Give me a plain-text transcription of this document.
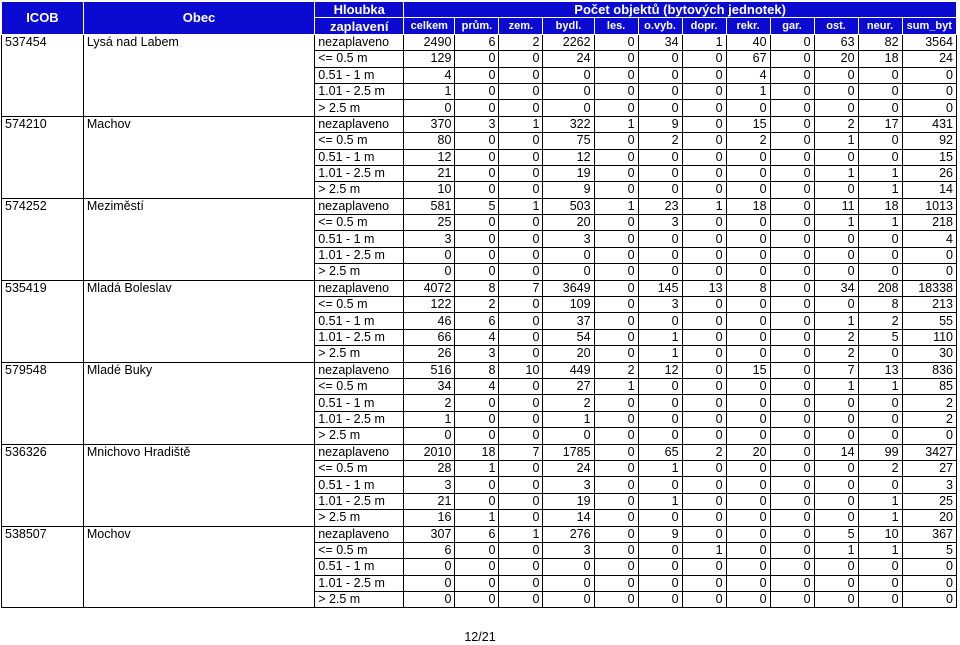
ICOB	Obec	Hloubka	Počet objektů (bytových jednotek)											
		zaplavení	celkem	prům.	zem.	bydl.	les.	o.vyb.	dopr.	rekr.	gar.	ost.	neur.	sum_byt
537454	Lysá nad Labem	nezaplaveno	2490	6	2	2262	0	34	1	40	0	63	82	3564
		<= 0.5 m	129	0	0	24	0	0	0	67	0	20	18	24
		0.51 - 1 m	4	0	0	0	0	0	0	4	0	0	0	0
		1.01 - 2.5 m	1	0	0	0	0	0	0	1	0	0	0	0
		> 2.5 m	0	0	0	0	0	0	0	0	0	0	0	0
574210	Machov	nezaplaveno	370	3	1	322	1	9	0	15	0	2	17	431
		<= 0.5 m	80	0	0	75	0	2	0	2	0	1	0	92
		0.51 - 1 m	12	0	0	12	0	0	0	0	0	0	0	15
		1.01 - 2.5 m	21	0	0	19	0	0	0	0	0	1	1	26
		> 2.5 m	10	0	0	9	0	0	0	0	0	0	1	14
574252	Meziměstí	nezaplaveno	581	5	1	503	1	23	1	18	0	11	18	1013
		<= 0.5 m	25	0	0	20	0	3	0	0	0	1	1	218
		0.51 - 1 m	3	0	0	3	0	0	0	0	0	0	0	4
		1.01 - 2.5 m	0	0	0	0	0	0	0	0	0	0	0	0
		> 2.5 m	0	0	0	0	0	0	0	0	0	0	0	0
535419	Mladá Boleslav	nezaplaveno	4072	8	7	3649	0	145	13	8	0	34	208	18338
		<= 0.5 m	122	2	0	109	0	3	0	0	0	0	8	213
		0.51 - 1 m	46	6	0	37	0	0	0	0	0	1	2	55
		1.01 - 2.5 m	66	4	0	54	0	1	0	0	0	2	5	110
		> 2.5 m	26	3	0	20	0	1	0	0	0	2	0	30
579548	Mladé Buky	nezaplaveno	516	8	10	449	2	12	0	15	0	7	13	836
		<= 0.5 m	34	4	0	27	1	0	0	0	0	1	1	85
		0.51 - 1 m	2	0	0	2	0	0	0	0	0	0	0	2
		1.01 - 2.5 m	1	0	0	1	0	0	0	0	0	0	0	2
		> 2.5 m	0	0	0	0	0	0	0	0	0	0	0	0
536326	Mnichovo Hradiště	nezaplaveno	2010	18	7	1785	0	65	2	20	0	14	99	3427
		<= 0.5 m	28	1	0	24	0	1	0	0	0	0	2	27
		0.51 - 1 m	3	0	0	3	0	0	0	0	0	0	0	3
		1.01 - 2.5 m	21	0	0	19	0	1	0	0	0	0	1	25
		> 2.5 m	16	1	0	14	0	0	0	0	0	0	1	20
538507	Mochov	nezaplaveno	307	6	1	276	0	9	0	0	0	5	10	367
		<= 0.5 m	6	0	0	3	0	0	1	0	0	1	1	5
		0.51 - 1 m	0	0	0	0	0	0	0	0	0	0	0	0
		1.01 - 2.5 m	0	0	0	0	0	0	0	0	0	0	0	0
		> 2.5 m	0	0	0	0	0	0	0	0	0	0	0	0
12/21
